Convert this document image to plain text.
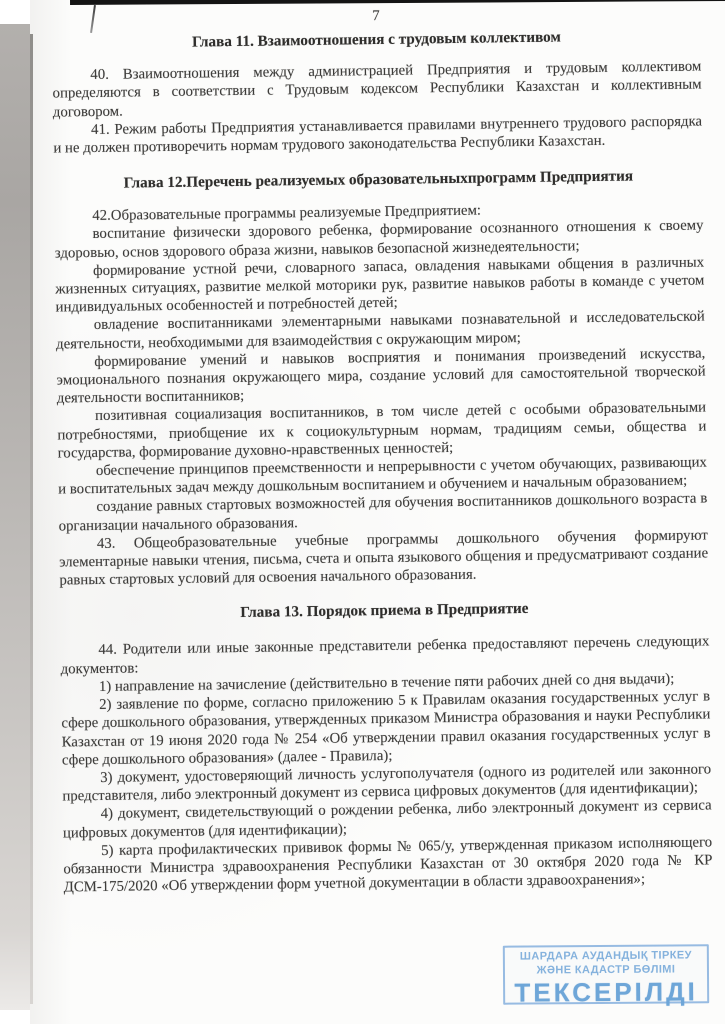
7
Глава 11. Взаимоотношения с трудовым коллективом

40. Взаимоотношения между администрацией Предприятия и трудовым коллективом определяются в соответствии с Трудовым кодексом Республики Казахстан и коллективным договором.

41. Режим работы Предприятия устанавливается правилами внутреннего трудового распорядка и не должен противоречить нормам трудового законодательства Республики Казахстан.

Глава 12.Перечень реализуемых образовательныхпрограмм Предприятия

42.Образовательные программы реализуемые Предприятием:

воспитание физически здорового ребенка, формирование осознанного отношения к своему здоровью, основ здорового образа жизни, навыков безопасной жизнедеятельности;

формирование устной речи, словарного запаса, овладения навыками общения в различных жизненных ситуациях, развитие мелкой моторики рук, развитие навыков работы в команде с учетом индивидуальных особенностей и потребностей детей;

овладение воспитанниками элементарными навыками познавательной и исследовательской деятельности, необходимыми для взаимодействия с окружающим миром;

формирование умений и навыков восприятия и понимания произведений искусства, эмоционального познания окружающего мира, создание условий для самостоятельной творческой деятельности воспитанников;

позитивная социализация воспитанников, в том числе детей с особыми образовательными потребностями, приобщение их к социокультурным нормам, традициям семьи, общества и государства, формирование духовно-нравственных ценностей;

обеспечение принципов преемственности и непрерывности с учетом обучающих, развивающих и воспитательных задач между дошкольным воспитанием и обучением и начальным образованием;

создание равных стартовых возможностей для обучения воспитанников дошкольного возраста в организации начального образования.

43. Общеобразовательные учебные программы дошкольного обучения формируют элементарные навыки чтения, письма, счета и опыта языкового общения и предусматривают создание равных стартовых условий для освоения начального образования.

Глава 13. Порядок приема в Предприятие

44. Родители или иные законные представители ребенка предоставляют перечень следующих документов:

1) направление на зачисление (действительно в течение пяти рабочих дней со дня выдачи);

2) заявление по форме, согласно приложению 5 к Правилам оказания государственных услуг в сфере дошкольного образования, утвержденных приказом Министра образования и науки Республики Казахстан от 19 июня 2020 года № 254 «Об утверждении правил оказания государственных услуг в сфере дошкольного образования» (далее - Правила);

3) документ, удостоверяющий личность услугополучателя (одного из родителей или законного представителя, либо электронный документ из сервиса цифровых документов (для идентификации);

4) документ, свидетельствующий о рождении ребенка, либо электронный документ из сервиса цифровых документов (для идентификации);

5) карта профилактических прививок формы № 065/у, утвержденная приказом исполняющего обязанности Министра здравоохранения Республики Казахстан от 30 октября 2020 года № КР ДСМ-175/2020 «Об утверждении форм учетной документации в области здравоохранения»;

ШАРДАРА АУДАНДЫҚ ТІРКЕУ
ЖӘНЕ КАДАСТР БӨЛІМІ
ТЕКСЕРІЛДІ
